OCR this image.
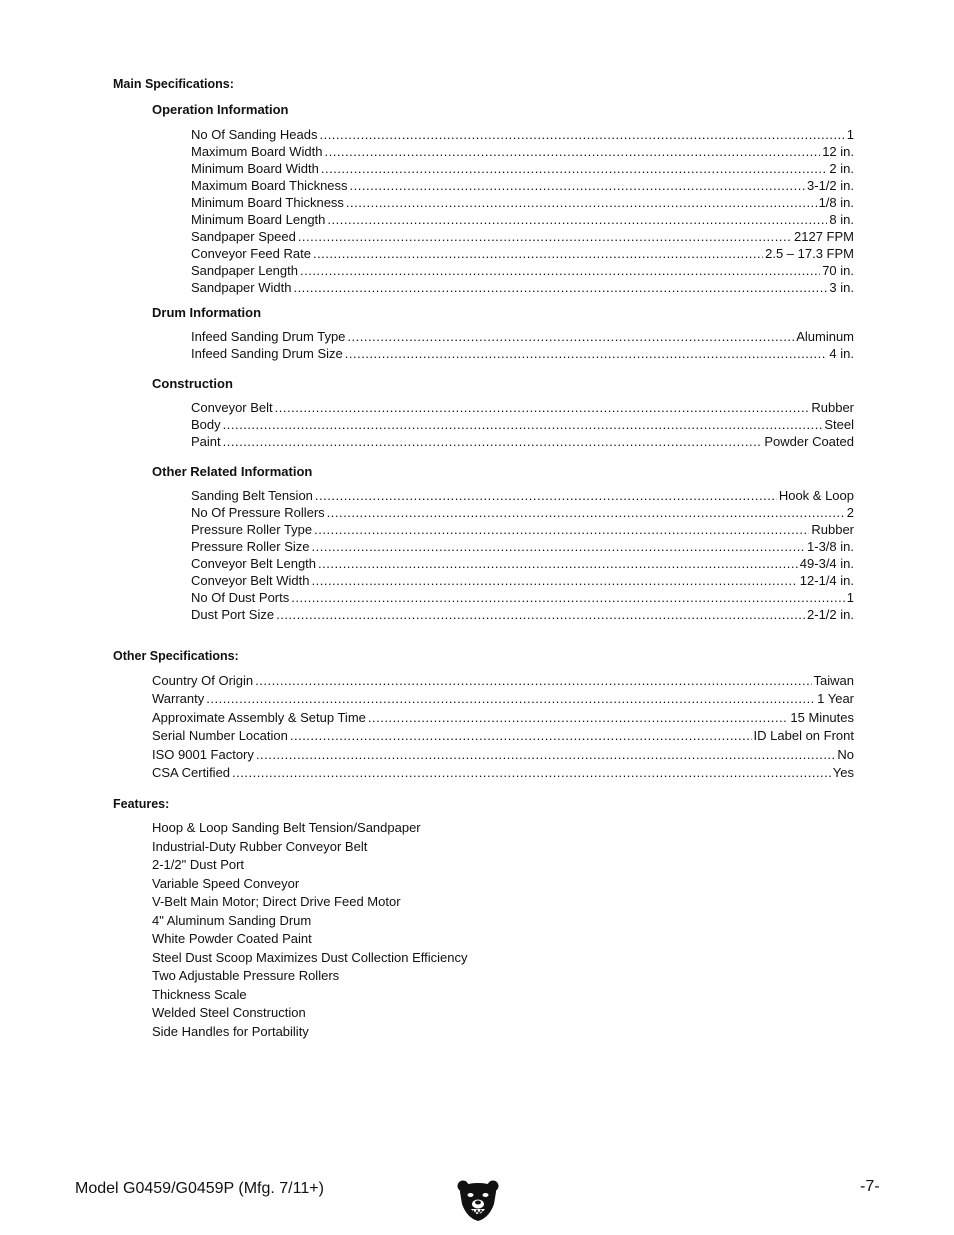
Main Specifications:
Operation Information
No Of Sanding Heads .....	1
Maximum Board Width .....	12 in.
Minimum Board Width .....	2 in.
Maximum Board Thickness .....	3-1/2 in.
Minimum Board Thickness .....	1/8 in.
Minimum Board Length .....	8 in.
Sandpaper Speed .....	2127 FPM
Conveyor Feed Rate .....	2.5 – 17.3 FPM
Sandpaper Length .....	70 in.
Sandpaper Width .....	3 in.
Drum Information
Infeed Sanding Drum Type .....	Aluminum
Infeed Sanding Drum Size .....	4 in.
Construction
Conveyor Belt .....	Rubber
Body .....	Steel
Paint .....	Powder Coated
Other Related Information
Sanding Belt Tension .....	Hook & Loop
No Of Pressure Rollers .....	2
Pressure Roller Type .....	Rubber
Pressure Roller Size .....	1-3/8 in.
Conveyor Belt Length .....	49-3/4 in.
Conveyor Belt Width .....	12-1/4 in.
No Of Dust Ports .....	1
Dust Port Size .....	2-1/2 in.
Other Specifications:
Country Of Origin .....	Taiwan
Warranty .....	1 Year
Approximate Assembly & Setup Time .....	15 Minutes
Serial Number Location .....	ID Label on Front
ISO 9001 Factory .....	No
CSA Certified .....	Yes
Features:
Hoop & Loop Sanding Belt Tension/Sandpaper
Industrial-Duty Rubber Conveyor Belt
2-1/2" Dust Port
Variable Speed Conveyor
V-Belt Main Motor; Direct Drive Feed Motor
4" Aluminum Sanding Drum
White Powder Coated Paint
Steel Dust Scoop Maximizes Dust Collection Efficiency
Two Adjustable Pressure Rollers
Thickness Scale
Welded Steel Construction
Side Handles for Portability
Model G0459/G0459P (Mfg. 7/11+)	-7-
